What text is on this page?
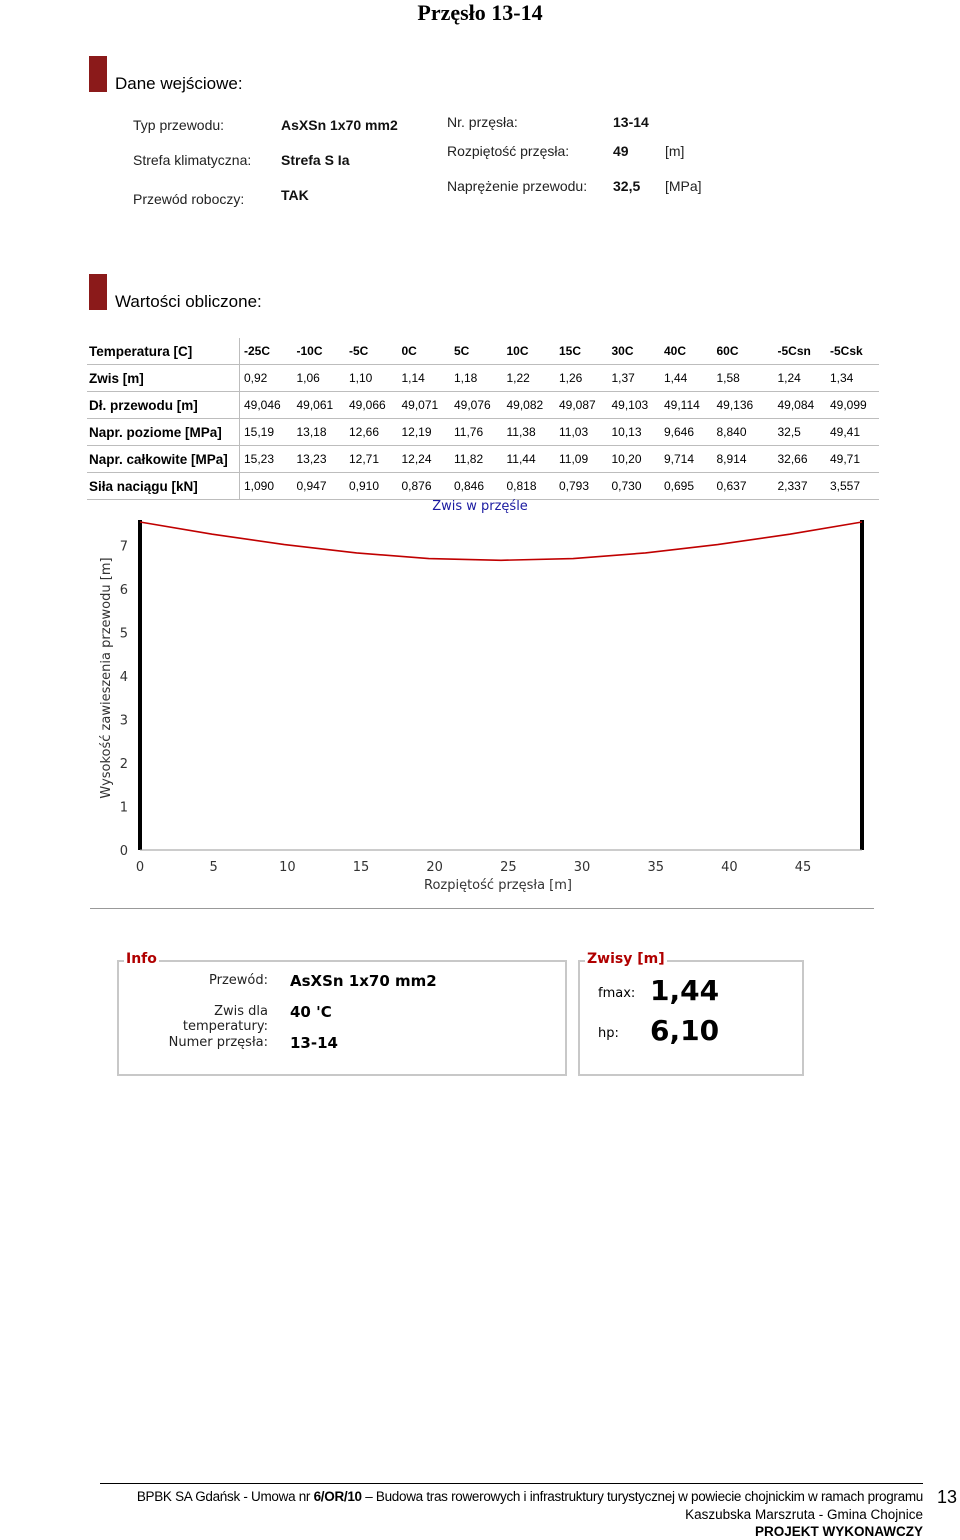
Przęsło 13-14
Dane wejściowe:
Typ przewodu:	AsXSn 1x70 mm2	Nr. przęsła:	13-14
Strefa klimatyczna: Strefa S Ia
Rozpiętość przęsła:	49	[m]
Przewód roboczy:	TAK
Naprężenie przewodu: 32,5 [MPa]
Wartości obliczone:
Temperatura [C]	-25C	-10C	-5C	0C	5C	10C	15C	30C	40C	60C	-5Csn	-5Csk
Zwis [m]	0,92	1,06	1,10	1,14	1,18	1,22	1,26	1,37	1,44	1,58	1,24	1,34
Dł. przewodu [m]	49,046	49,061	49,066	49,071	49,076	49,082	49,087	49,103	49,114	49,136	49,084	49,099
Napr. poziome [MPa]	15,19	13,18	12,66	12,19	11,76	11,38	11,03	10,13	9,646	8,840	32,5	49,41
Napr. całkowite [MPa]	15,23	13,23	12,71	12,24	11,82	11,44	11,09	10,20	9,714	8,914	32,66	49,71
Siła naciągu [kN]	1,090	0,947	0,910	0,876	0,846	0,818	0,793	0,730	0,695	0,637	2,337	3,557
Zwis w przęśle
Rozpiętość przęsła [m]
Wysokość zawieszenia przewodu [m]
0	5	10	15	20	25	30	35	40	45
0
1
2
3
4
5
6
7
Info
Przewód: AsXSn 1x70 mm2
Zwis dla temperatury:
40 'C
Numer przęsła: 13-14
Zwisy [m]
fmax: 1,44
hp: 6,10
BPBK SA Gdańsk - Umowa nr 6/OR/10 – Budowa tras rowerowych i infrastruktury turystycznej w powiecie chojnickim w ramach programu
Kaszubska Marszruta - Gmina Chojnice
PROJEKT WYKONAWCZY
13
